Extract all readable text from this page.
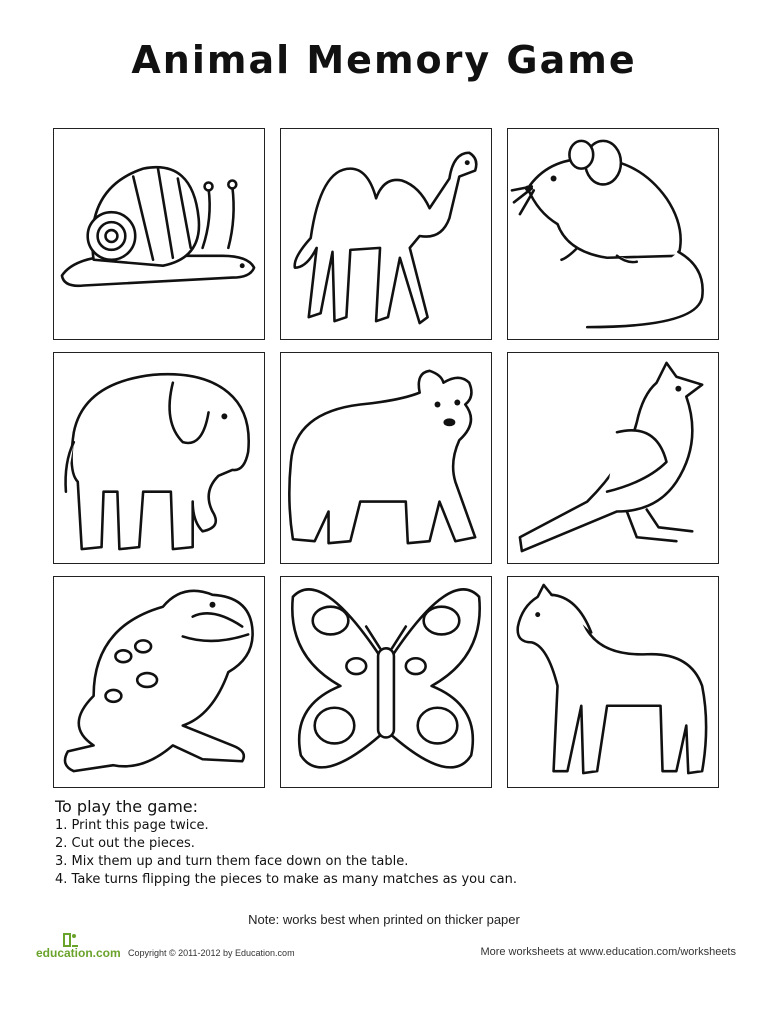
Animal Memory Game
To play the game:
1. Print this page twice.
2. Cut out the pieces.
3. Mix them up and turn them face down on the table.
4. Take turns flipping the pieces to make as many matches as you can.
Note: works best when printed on thicker paper
education.com Copyright © 2011-2012 by Education.com	More worksheets at www.education.com/worksheets
